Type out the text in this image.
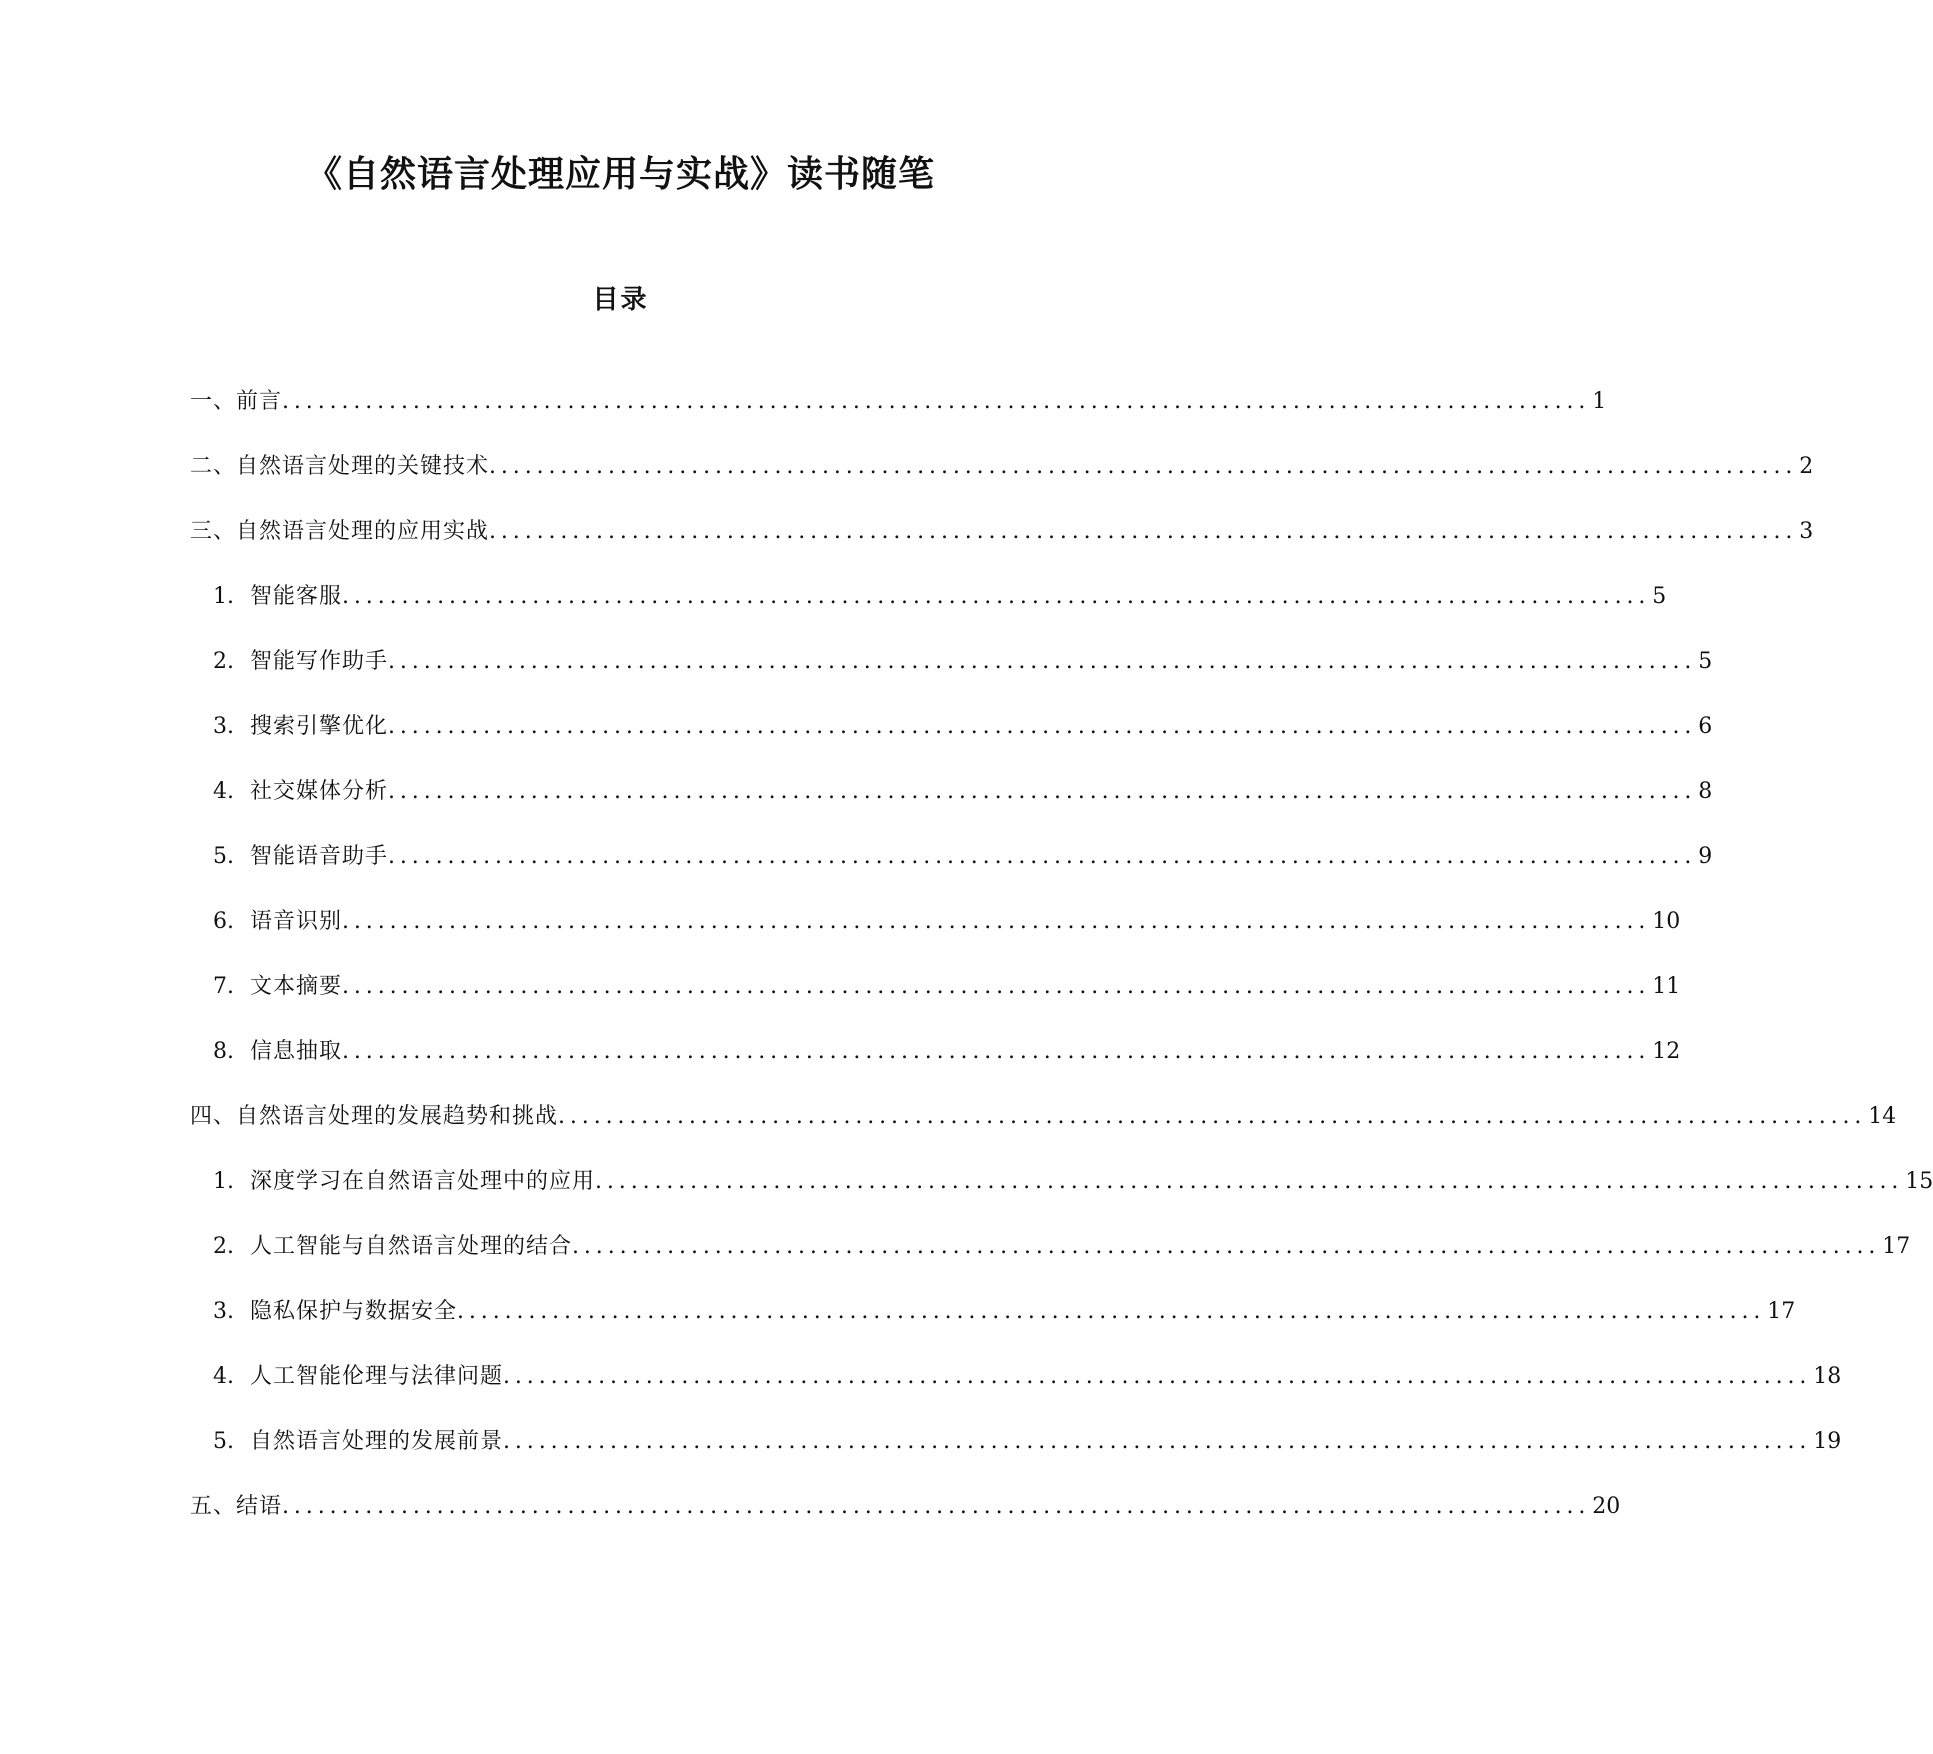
《自然语言处理应用与实战》读书随笔
目录
一、前言 .............................................................................................................. 1
二、自然语言处理的关键技术 .............................................................................................................. 2
三、自然语言处理的应用实战 .............................................................................................................. 3
1. 智能客服 .............................................................................................................. 5
2. 智能写作助手 .............................................................................................................. 5
3. 搜索引擎优化 .............................................................................................................. 6
4. 社交媒体分析 .............................................................................................................. 8
5. 智能语音助手 .............................................................................................................. 9
6. 语音识别 .............................................................................................................. 10
7. 文本摘要 .............................................................................................................. 11
8. 信息抽取 .............................................................................................................. 12
四、自然语言处理的发展趋势和挑战 .............................................................................................................. 14
1. 深度学习在自然语言处理中的应用 .............................................................................................................. 15
2. 人工智能与自然语言处理的结合 .............................................................................................................. 17
3. 隐私保护与数据安全 .............................................................................................................. 17
4. 人工智能伦理与法律问题 .............................................................................................................. 18
5. 自然语言处理的发展前景 .............................................................................................................. 19
五、结语 .............................................................................................................. 20
